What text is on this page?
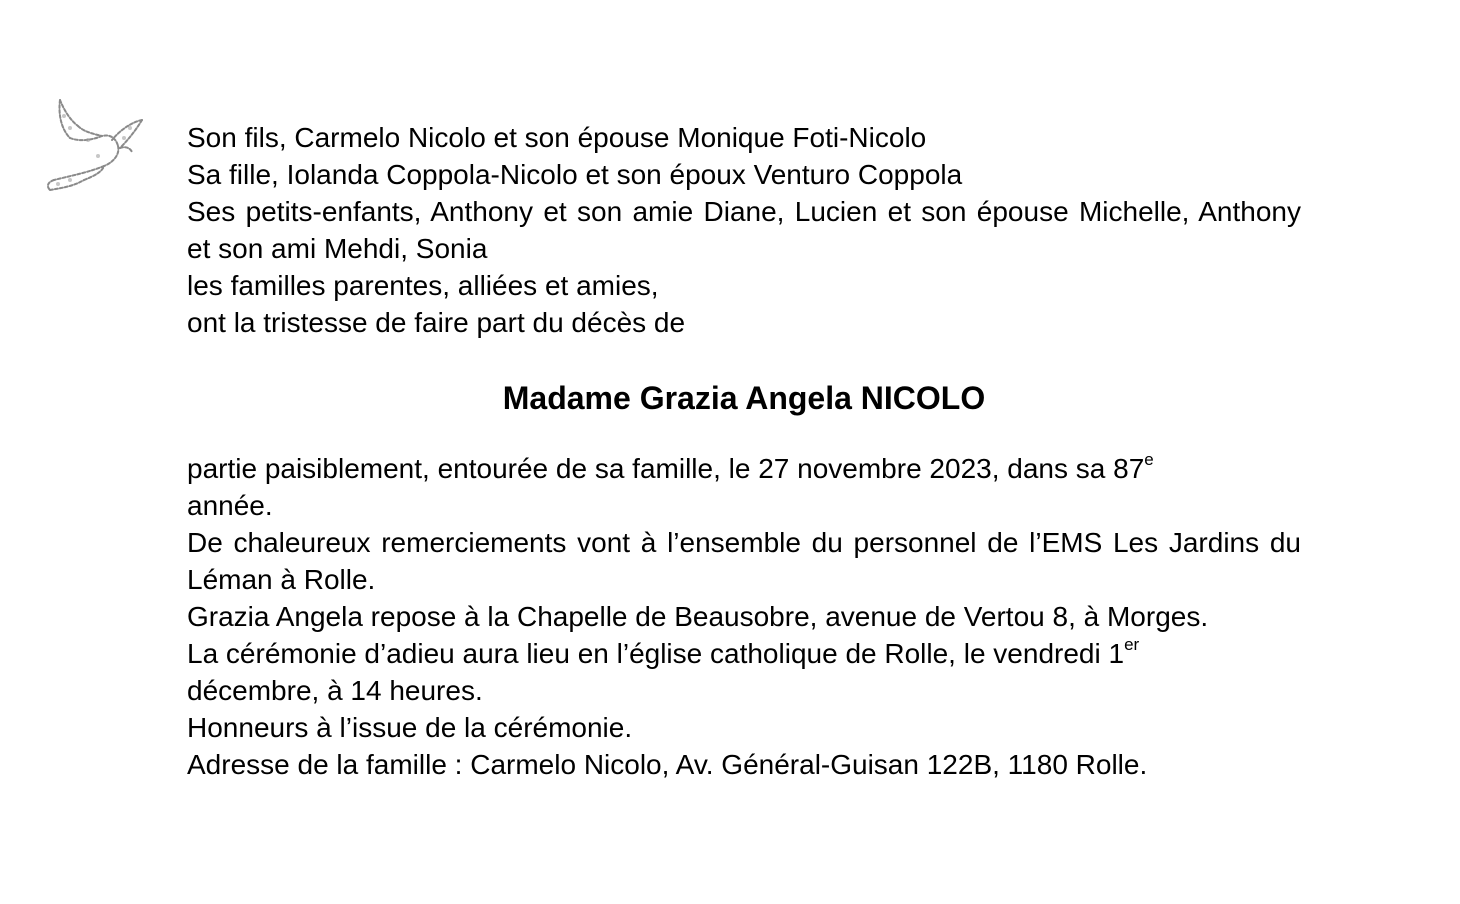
Son fils, Carmelo Nicolo et son épouse Monique Foti-Nicolo
Sa fille, Iolanda Coppola-Nicolo et son époux Venturo Coppola
Ses petits-enfants, Anthony et son amie Diane, Lucien et son épouse Michelle, Anthony et son ami Mehdi, Sonia
les familles parentes, alliées et amies,
ont la tristesse de faire part du décès de
Madame Grazia Angela NICOLO
partie paisiblement, entourée de sa famille, le 27 novembre 2023, dans sa 87e
année.
De chaleureux remerciements vont à l’ensemble du personnel de l’EMS Les Jardins du Léman à Rolle.
Grazia Angela repose à la Chapelle de Beausobre, avenue de Vertou 8, à Morges.
La cérémonie d’adieu aura lieu en l’église catholique de Rolle, le vendredi 1er
décembre, à 14 heures.
Honneurs à l’issue de la cérémonie.
Adresse de la famille : Carmelo Nicolo, Av. Général-Guisan 122B, 1180 Rolle.
